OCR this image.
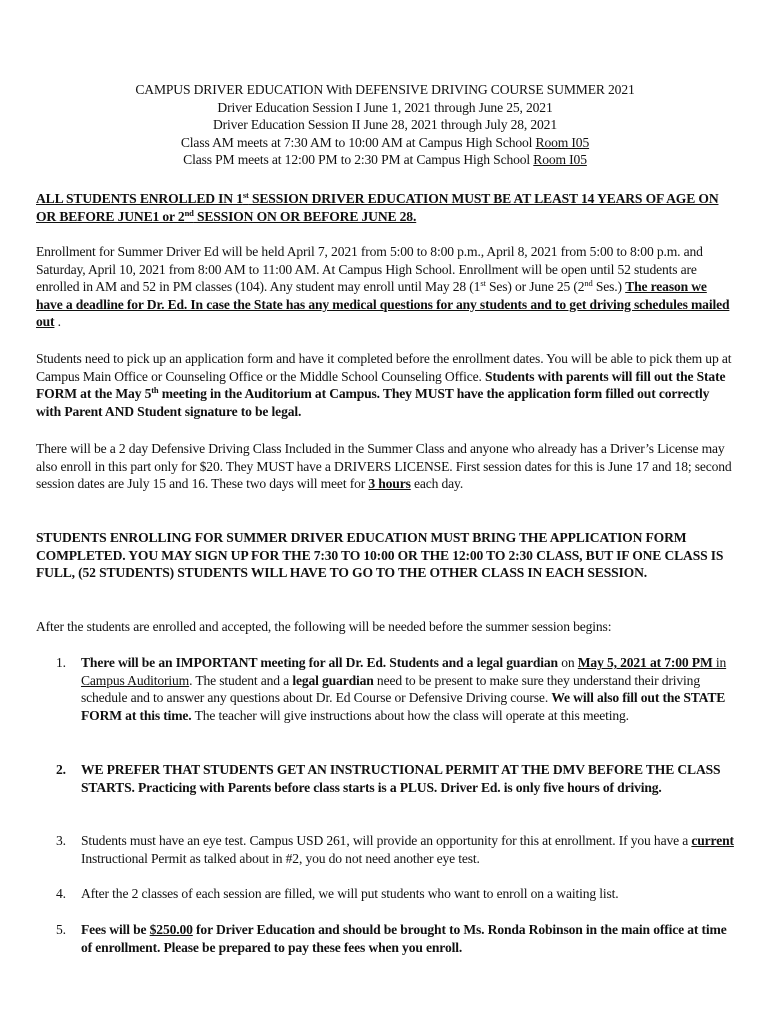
CAMPUS DRIVER EDUCATION With DEFENSIVE DRIVING COURSE SUMMER 2021
Driver Education Session I June 1, 2021 through June 25, 2021
Driver Education Session II June 28, 2021 through July 28, 2021
Class AM meets at 7:30 AM to 10:00 AM at Campus High School Room I05
Class PM meets at 12:00 PM to 2:30 PM at Campus High School Room I05

ALL STUDENTS ENROLLED IN 1st SESSION DRIVER EDUCATION MUST BE AT LEAST 14 YEARS OF AGE ON OR BEFORE JUNE1 or 2nd SESSION ON OR BEFORE JUNE 28.

Enrollment for Summer Driver Ed will be held April 7, 2021 from 5:00 to 8:00 p.m., April 8, 2021 from 5:00 to 8:00 p.m. and Saturday, April 10, 2021 from 8:00 AM to 11:00 AM. At Campus High School. Enrollment will be open until 52 students are enrolled in AM and 52 in PM classes (104). Any student may enroll until May 28 (1st Ses) or June 25 (2nd Ses.) The reason we have a deadline for Dr. Ed. In case the State has any medical questions for any students and to get driving schedules mailed out .

Students need to pick up an application form and have it completed before the enrollment dates. You will be able to pick them up at Campus Main Office or Counseling Office or the Middle School Counseling Office. Students with parents will fill out the State FORM at the May 5th meeting in the Auditorium at Campus. They MUST have the application form filled out correctly with Parent AND Student signature to be legal.

There will be a 2 day Defensive Driving Class Included in the Summer Class and anyone who already has a Driver’s License may also enroll in this part only for $20. They MUST have a DRIVERS LICENSE. First session dates for this is June 17 and 18; second session dates are July 15 and 16. These two days will meet for 3 hours each day.

STUDENTS ENROLLING FOR SUMMER DRIVER EDUCATION MUST BRING THE APPLICATION FORM COMPLETED. YOU MAY SIGN UP FOR THE 7:30 TO 10:00 OR THE 12:00 TO 2:30 CLASS, BUT IF ONE CLASS IS FULL, (52 STUDENTS) STUDENTS WILL HAVE TO GO TO THE OTHER CLASS IN EACH SESSION.

After the students are enrolled and accepted, the following will be needed before the summer session begins:

1. There will be an IMPORTANT meeting for all Dr. Ed. Students and a legal guardian on May 5, 2021 at 7:00 PM in Campus Auditorium. The student and a legal guardian need to be present to make sure they understand their driving schedule and to answer any questions about Dr. Ed Course or Defensive Driving course. We will also fill out the STATE FORM at this time. The teacher will give instructions about how the class will operate at this meeting.
2. WE PREFER THAT STUDENTS GET AN INSTRUCTIONAL PERMIT AT THE DMV BEFORE THE CLASS STARTS. Practicing with Parents before class starts is a PLUS. Driver Ed. is only five hours of driving.
3. Students must have an eye test. Campus USD 261, will provide an opportunity for this at enrollment. If you have a current Instructional Permit as talked about in #2, you do not need another eye test.
4. After the 2 classes of each session are filled, we will put students who want to enroll on a waiting list.
5. Fees will be $250.00 for Driver Education and should be brought to Ms. Ronda Robinson in the main office at time of enrollment. Please be prepared to pay these fees when you enroll.
